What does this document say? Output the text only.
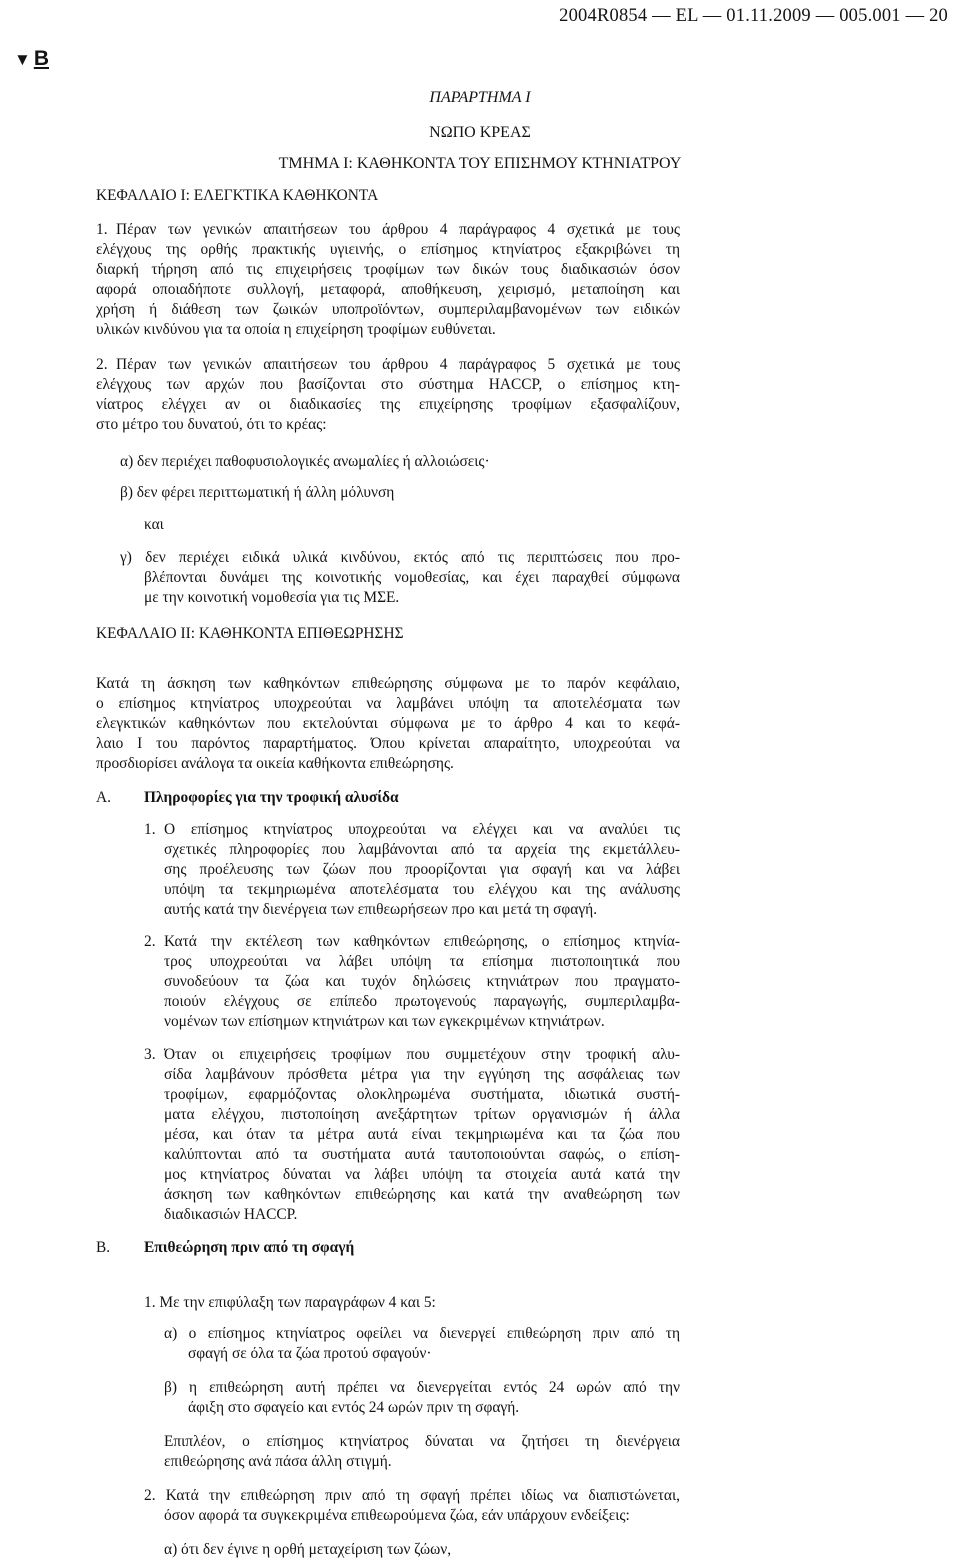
2004R0854 — EL — 01.11.2009 — 005.001 — 20
▼ B
ΠΑΡΑΡΤΗΜΑ I
ΝΩΠΟ ΚΡΕΑΣ
ΤΜΗΜΑ I: ΚΑΘΗΚΟΝΤΑ ΤΟΥ ΕΠΙΣΗΜΟΥ ΚΤΗΝΙΑΤΡΟΥ
ΚΕΦΑΛΑΙΟ I: ΕΛΕΓΚΤΙΚΑ ΚΑΘΗΚΟΝΤΑ
1. Πέραν των γενικών απαιτήσεων του άρθρου 4 παράγραφος 4 σχετικά με τους
ελέγχους της ορθής πρακτικής υγιεινής, ο επίσημος κτηνίατρος εξακριβώνει τη
διαρκή τήρηση από τις επιχειρήσεις τροφίμων των δικών τους διαδικασιών όσον
αφορά οποιαδήποτε συλλογή, μεταφορά, αποθήκευση, χειρισμό, μεταποίηση και
χρήση ή διάθεση των ζωικών υποπροϊόντων, συμπεριλαμβανομένων των ειδικών
υλικών κινδύνου για τα οποία η επιχείρηση τροφίμων ευθύνεται.
2. Πέραν των γενικών απαιτήσεων του άρθρου 4 παράγραφος 5 σχετικά με τους
ελέγχους των αρχών που βασίζονται στο σύστημα HACCP, ο επίσημος κτη-
νίατρος ελέγχει αν οι διαδικασίες της επιχείρησης τροφίμων εξασφαλίζουν,
στο μέτρο του δυνατού, ότι το κρέας:
α) δεν περιέχει παθοφυσιολογικές ανωμαλίες ή αλλοιώσεις·
β) δεν φέρει περιττωματική ή άλλη μόλυνση
και
γ) δεν περιέχει ειδικά υλικά κινδύνου, εκτός από τις περιπτώσεις που προ-
βλέπονται δυνάμει της κοινοτικής νομοθεσίας, και έχει παραχθεί σύμφωνα
με την κοινοτική νομοθεσία για τις ΜΣΕ.
ΚΕΦΑΛΑΙΟ II: ΚΑΘΗΚΟΝΤΑ ΕΠΙΘΕΩΡΗΣΗΣ
Κατά τη άσκηση των καθηκόντων επιθεώρησης σύμφωνα με το παρόν κεφάλαιο,
ο επίσημος κτηνίατρος υποχρεούται να λαμβάνει υπόψη τα αποτελέσματα των
ελεγκτικών καθηκόντων που εκτελούνται σύμφωνα με το άρθρο 4 και το κεφά-
λαιο I του παρόντος παραρτήματος. Όπου κρίνεται απαραίτητο, υποχρεούται να
προσδιορίσει ανάλογα τα οικεία καθήκοντα επιθεώρησης.
A. Πληροφορίες για την τροφική αλυσίδα
1. Ο επίσημος κτηνίατρος υποχρεούται να ελέγχει και να αναλύει τις
σχετικές πληροφορίες που λαμβάνονται από τα αρχεία της εκμετάλλευ-
σης προέλευσης των ζώων που προορίζονται για σφαγή και να λάβει
υπόψη τα τεκμηριωμένα αποτελέσματα του ελέγχου και της ανάλυσης
αυτής κατά την διενέργεια των επιθεωρήσεων προ και μετά τη σφαγή.
2. Κατά την εκτέλεση των καθηκόντων επιθεώρησης, ο επίσημος κτηνία-
τρος υποχρεούται να λάβει υπόψη τα επίσημα πιστοποιητικά που
συνοδεύουν τα ζώα και τυχόν δηλώσεις κτηνιάτρων που πραγματο-
ποιούν ελέγχους σε επίπεδο πρωτογενούς παραγωγής, συμπεριλαμβα-
νομένων των επίσημων κτηνιάτρων και των εγκεκριμένων κτηνιάτρων.
3. Όταν οι επιχειρήσεις τροφίμων που συμμετέχουν στην τροφική αλυ-
σίδα λαμβάνουν πρόσθετα μέτρα για την εγγύηση της ασφάλειας των
τροφίμων, εφαρμόζοντας ολοκληρωμένα συστήματα, ιδιωτικά συστή-
ματα ελέγχου, πιστοποίηση ανεξάρτητων τρίτων οργανισμών ή άλλα
μέσα, και όταν τα μέτρα αυτά είναι τεκμηριωμένα και τα ζώα που
καλύπτονται από τα συστήματα αυτά ταυτοποιούνται σαφώς, ο επίση-
μος κτηνίατρος δύναται να λάβει υπόψη τα στοιχεία αυτά κατά την
άσκηση των καθηκόντων επιθεώρησης και κατά την αναθεώρηση των
διαδικασιών HACCP.
B. Επιθεώρηση πριν από τη σφαγή
1. Με την επιφύλαξη των παραγράφων 4 και 5:
α) ο επίσημος κτηνίατρος οφείλει να διενεργεί επιθεώρηση πριν από τη
σφαγή σε όλα τα ζώα προτού σφαγούν·
β) η επιθεώρηση αυτή πρέπει να διενεργείται εντός 24 ωρών από την
άφιξη στο σφαγείο και εντός 24 ωρών πριν τη σφαγή.
Επιπλέον, ο επίσημος κτηνίατρος δύναται να ζητήσει τη διενέργεια
επιθεώρησης ανά πάσα άλλη στιγμή.
2. Κατά την επιθεώρηση πριν από τη σφαγή πρέπει ιδίως να διαπιστώνεται,
όσον αφορά τα συγκεκριμένα επιθεωρούμενα ζώα, εάν υπάρχουν ενδείξεις:
α) ότι δεν έγινε η ορθή μεταχείριση των ζώων,
